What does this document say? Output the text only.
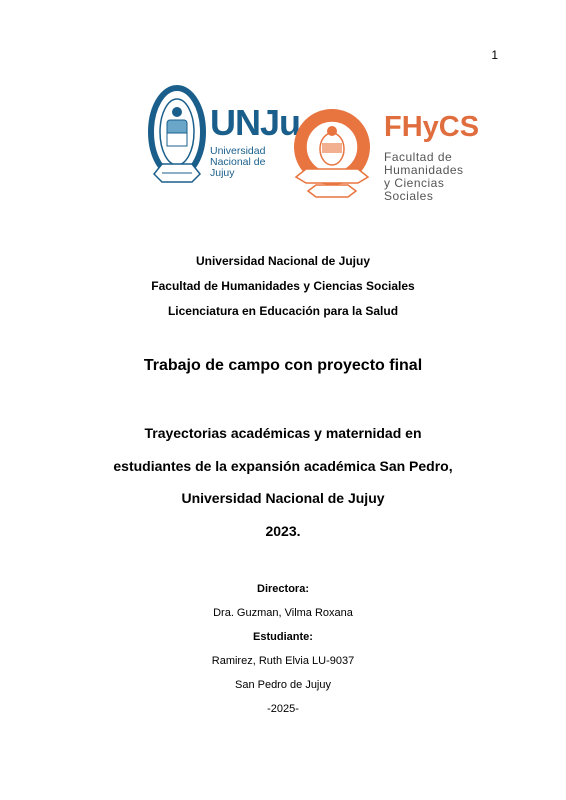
1
UNJu
Universidad
Nacional de Jujuy
FHyCS
Facultad de
Humanidades
y Ciencias Sociales
Universidad Nacional de Jujuy
Facultad de Humanidades y Ciencias Sociales
Licenciatura en Educación para la Salud
Trabajo de campo con proyecto final
Trayectorias académicas y maternidad en
estudiantes de la expansión académica San Pedro,
Universidad Nacional de Jujuy
2023.
Directora:
Dra. Guzman, Vilma Roxana
Estudiante:
Ramirez, Ruth Elvia LU-9037
San Pedro de Jujuy
-2025-
